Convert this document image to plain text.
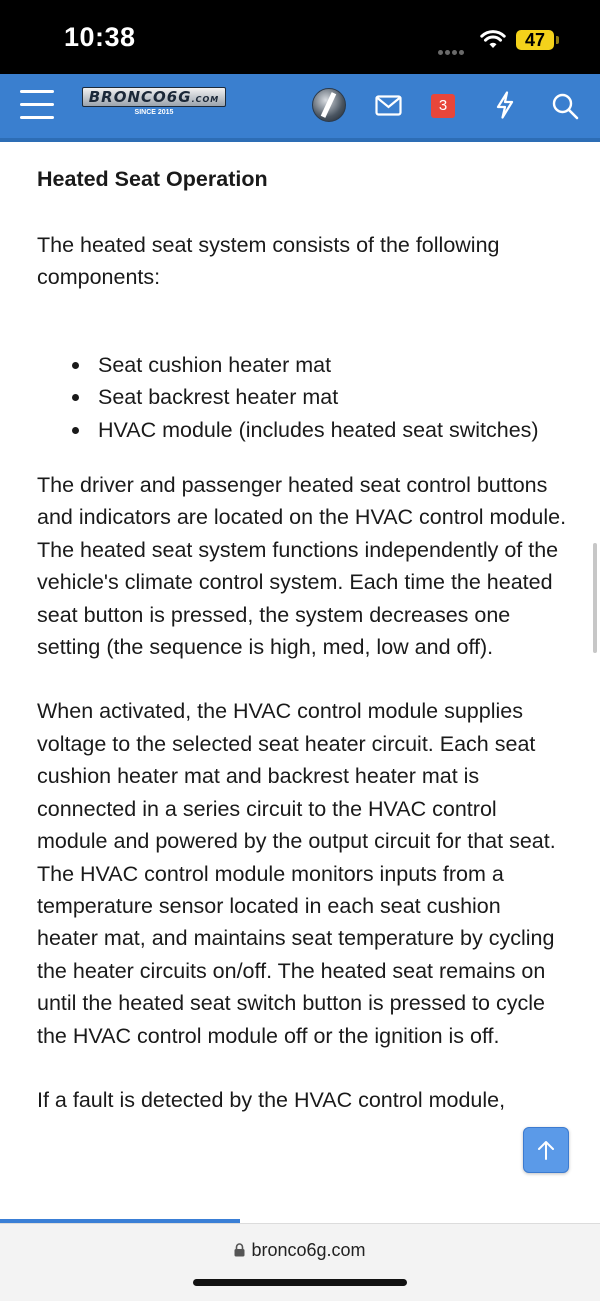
10:38	47
BRONCO6G.COM
SINCE 2015	3
Heated Seat Operation

The heated seat system consists of the following components:

Seat cushion heater mat
Seat backrest heater mat
HVAC module (includes heated seat switches)

The driver and passenger heated seat control buttons and indicators are located on the HVAC control module. The heated seat system functions independently of the vehicle's climate control system. Each time the heated seat button is pressed, the system decreases one setting (the sequence is high, med, low and off).

When activated, the HVAC control module supplies voltage to the selected seat heater circuit. Each seat cushion heater mat and backrest heater mat is connected in a series circuit to the HVAC control module and powered by the output circuit for that seat. The HVAC control module monitors inputs from a temperature sensor located in each seat cushion heater mat, and maintains seat temperature by cycling the heater circuits on/off. The heated seat remains on until the heated seat switch button is pressed to cycle the HVAC control module off or the ignition is off.

If a fault is detected by the HVAC control module,

bronco6g.com
